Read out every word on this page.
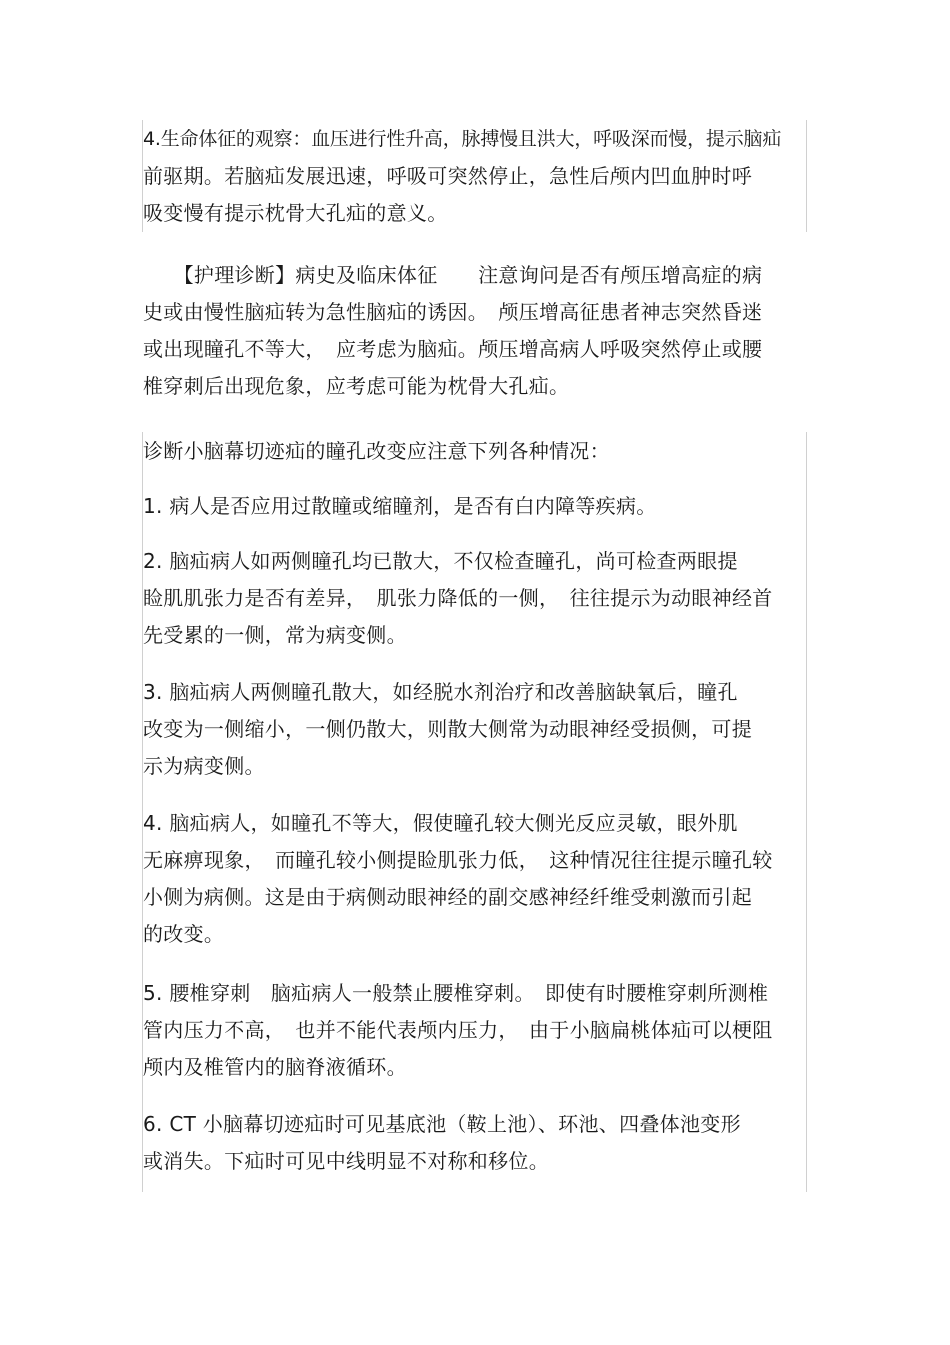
4.生命体征的观察：血压进行性升高，脉搏慢且洪大，呼吸深而慢，提示脑疝
前驱期。若脑疝发展迅速，呼吸可突然停止，急性后颅内凹血肿时呼
吸变慢有提示枕骨大孔疝的意义。
　　【护理诊断】病史及临床体征　　注意询问是否有颅压增高症的病
史或由慢性脑疝转为急性脑疝的诱因。　颅压增高征患者神志突然昏迷
或出现瞳孔不等大，　应考虑为脑疝。颅压增高病人呼吸突然停止或腰
椎穿刺后出现危象，应考虑可能为枕骨大孔疝。
诊断小脑幕切迹疝的瞳孔改变应注意下列各种情况：
1. 病人是否应用过散瞳或缩瞳剂，是否有白内障等疾病。
2. 脑疝病人如两侧瞳孔均已散大，不仅检查瞳孔，尚可检查两眼提
睑肌肌张力是否有差异，　肌张力降低的一侧，　往往提示为动眼神经首
先受累的一侧，常为病变侧。
3. 脑疝病人两侧瞳孔散大，如经脱水剂治疗和改善脑缺氧后，瞳孔
改变为一侧缩小，一侧仍散大，则散大侧常为动眼神经受损侧，可提
示为病变侧。
4. 脑疝病人，如瞳孔不等大，假使瞳孔较大侧光反应灵敏，眼外肌
无麻痹现象，　而瞳孔较小侧提睑肌张力低，　这种情况往往提示瞳孔较
小侧为病侧。这是由于病侧动眼神经的副交感神经纤维受刺激而引起
的改变。
5. 腰椎穿刺　脑疝病人一般禁止腰椎穿刺。　即使有时腰椎穿刺所测椎
管内压力不高，　也并不能代表颅内压力，　由于小脑扁桃体疝可以梗阻
颅内及椎管内的脑脊液循环。
6. CT 小脑幕切迹疝时可见基底池（鞍上池）、环池、四叠体池变形
或消失。下疝时可见中线明显不对称和移位。
